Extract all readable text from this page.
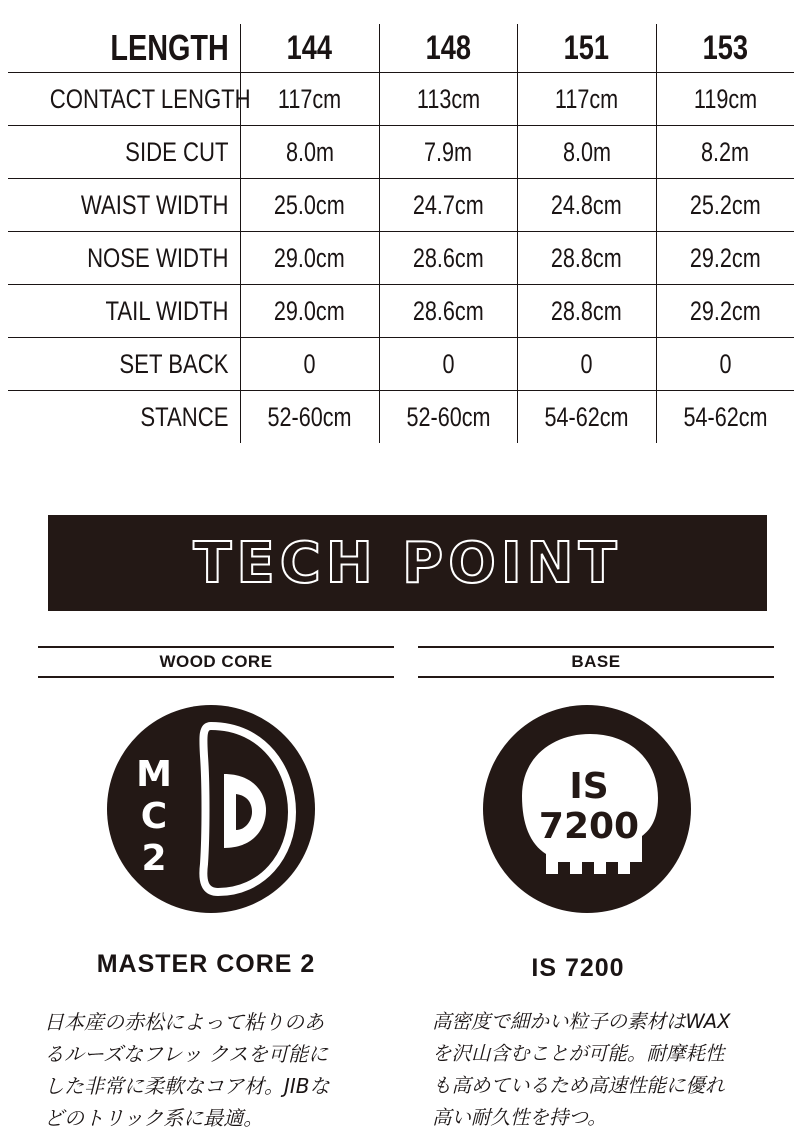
LENGTH	144	148	151	153
CONTACT LENGTH 117cm	113cm	117cm	119cm
SIDE CUT	8.0m	7.9m	8.0m	8.2m
WAIST WIDTH	25.0cm	24.7cm	24.8cm	25.2cm
NOSE WIDTH	29.0cm	28.6cm	28.8cm	29.2cm
TAIL WIDTH	29.0cm	28.6cm	28.8cm	29.2cm
SET BACK	0	0	0	0
STANCE	52-60cm 52-60cm 54-62cm 54-62cm
TECH POINT
WOOD CORE
M
C
2
MASTER CORE 2
日本産の赤松によって粘りのあ
るルーズなフレッ クスを可能に
した非常に柔軟なコア材。JIBな
どのトリック系に最適。
BASE
IS
7200
IS 7200
高密度で細かい粒子の素材はWAX
を沢山含むことが可能。耐摩耗性
も高めているため高速性能に優れ
高い耐久性を持つ。
